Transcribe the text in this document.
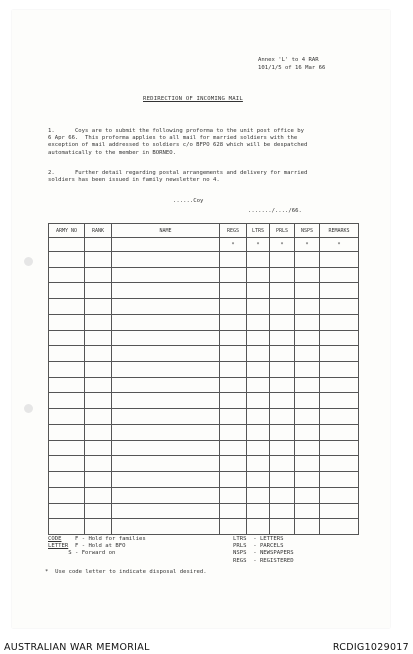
Annex 'L' to 4 RAR
101/1/5 of 16 Mar 66
REDIRECTION OF INCOMING MAIL
1.      Coys are to submit the following proforma to the unit post office by
6 Apr 66.  This proforma applies to all mail for married soldiers with the
exception of mail addressed to soldiers c/o BFPO 628 which will be despatched
automatically to the member in BORNEO.
2.      Further detail regarding postal arrangements and delivery for married
soldiers has been issued in family newsletter no 4.
......Coy
......./..../66.
ARMY NO	RANK	NAME	REGS	LTRS	PRLS	NSPS	REMARKS
			*	*	*	*	*

CODE F - Hold for families
LETTER F - Hold at BFO
S - Forward on
LTRS  - LETTERS
PRLS  - PARCELS
NSPS  - NEWSPAPERS
REGS  - REGISTERED
*  Use code letter to indicate disposal desired.
AUSTRALIAN WAR MEMORIAL	RCDIG1029017
